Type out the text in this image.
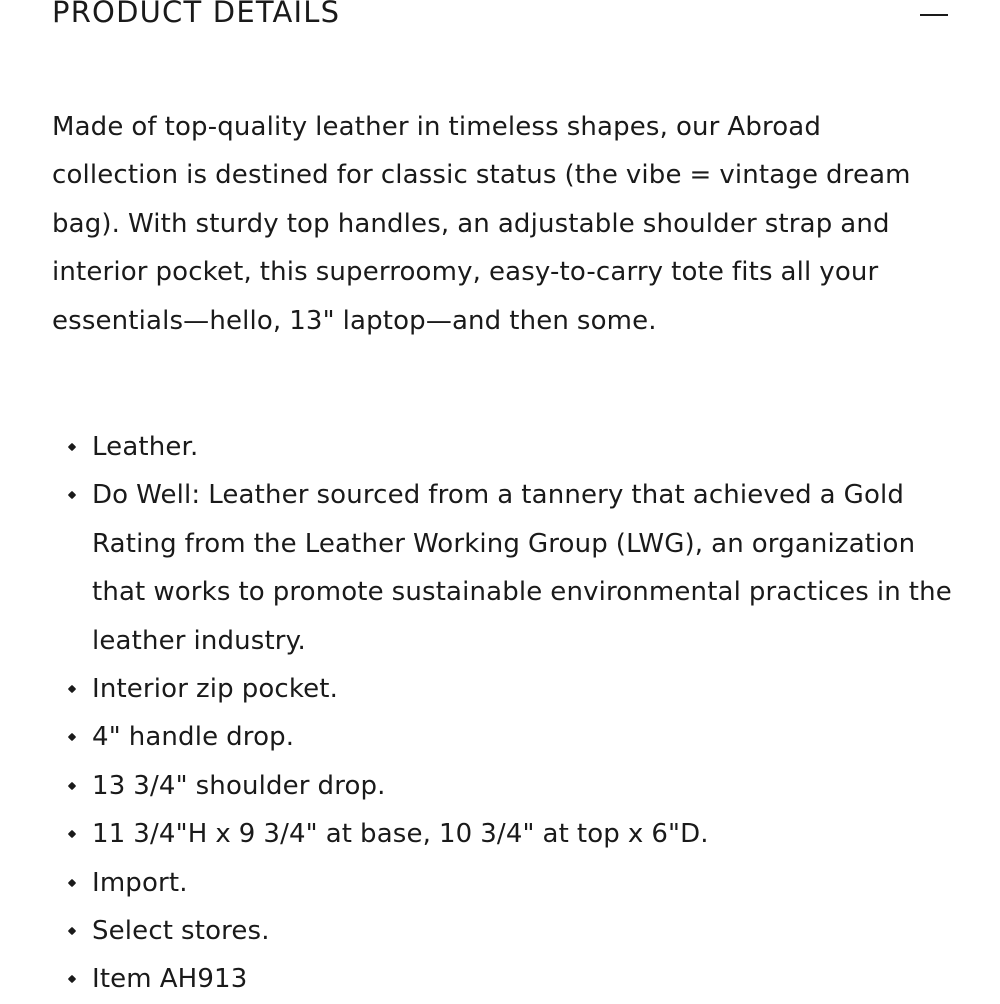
PRODUCT DETAILS

Made of top-quality leather in timeless shapes, our Abroad collection is destined for classic status (the vibe = vintage dream bag). With sturdy top handles, an adjustable shoulder strap and interior pocket, this superroomy, easy-to-carry tote fits all your essentials—hello, 13" laptop—and then some.

Leather.
Do Well: Leather sourced from a tannery that achieved a Gold Rating from the Leather Working Group (LWG), an organization that works to promote sustainable environmental practices in the leather industry.
Interior zip pocket.
4" handle drop.
13 3/4" shoulder drop.
11 3/4"H x 9 3/4" at base, 10 3/4" at top x 6"D.
Import.
Select stores.
Item AH913
